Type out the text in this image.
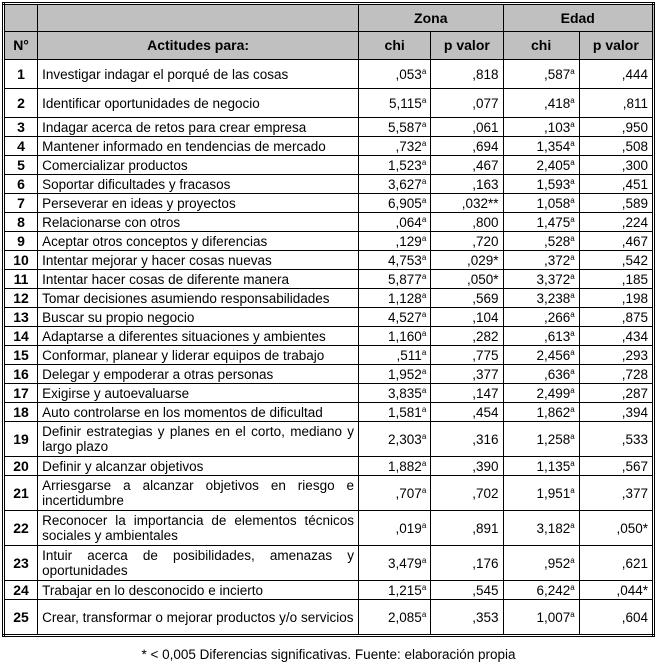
		Zona		Edad	
N°	Actitudes para:	chi	p valor	chi	p valor
1	Investigar indagar el porqué de las cosas	,053$^a$	,818	,587$^a$	,444
2	Identificar oportunidades de negocio	5,115$^a$	,077	,418$^a$	,811
3	Indagar acerca de retos para crear empresa	5,587$^a$	,061	,103$^a$	,950
4	Mantener informado en tendencias de mercado	,732$^a$	,694	1,354$^a$	,508
5	Comercializar productos	1,523$^a$	,467	2,405$^a$	,300
6	Soportar dificultades y fracasos	3,627$^a$	,163	1,593$^a$	,451
7	Perseverar en ideas y proyectos	6,905$^a$	,032**	1,058$^a$	,589
8	Relacionarse con otros	,064$^a$	,800	1,475$^a$	,224
9	Aceptar otros conceptos y diferencias	,129$^a$	,720	,528$^a$	,467
10	Intentar mejorar y hacer cosas nuevas	4,753$^a$	,029*	,372$^a$	,542
11	Intentar hacer cosas de diferente manera	5,877$^a$	,050*	3,372$^a$	,185
12	Tomar decisiones asumiendo responsabilidades	1,128$^a$	,569	3,238$^a$	,198
13	Buscar su propio negocio	4,527$^a$	,104	,266$^a$	,875
14	Adaptarse a diferentes situaciones y ambientes	1,160$^a$	,282	,613$^a$	,434
15	Conformar, planear y liderar equipos de trabajo	,511$^a$	,775	2,456$^a$	,293
16	Delegar y empoderar a otras personas	1,952$^a$	,377	,636$^a$	,728
17	Exigirse y autoevaluarse	3,835$^a$	,147	2,499$^a$	,287
18	Auto controlarse en los momentos de dificultad	1,581$^a$	,454	1,862$^a$	,394
19	Definir estrategias y planes en el corto, mediano y largo plazo	2,303$^a$	,316	1,258$^a$	,533
20	Definir y alcanzar objetivos	1,882$^a$	,390	1,135$^a$	,567
21	Arriesgarse a alcanzar objetivos en riesgo e incertidumbre	,707$^a$	,702	1,951$^a$	,377
22	Reconocer la importancia de elementos técnicos sociales y ambientales	,019$^a$	,891	3,182$^a$	,050*
23	Intuir acerca de posibilidades, amenazas y oportunidades	3,479$^a$	,176	,952$^a$	,621
24	Trabajar en lo desconocido e incierto	1,215$^a$	,545	6,242$^a$	,044*
25	Crear, transformar o mejorar productos y/o servicios	2,085$^a$	,353	1,007$^a$	,604
* < 0,005 Diferencias significativas. Fuente: elaboración propia
